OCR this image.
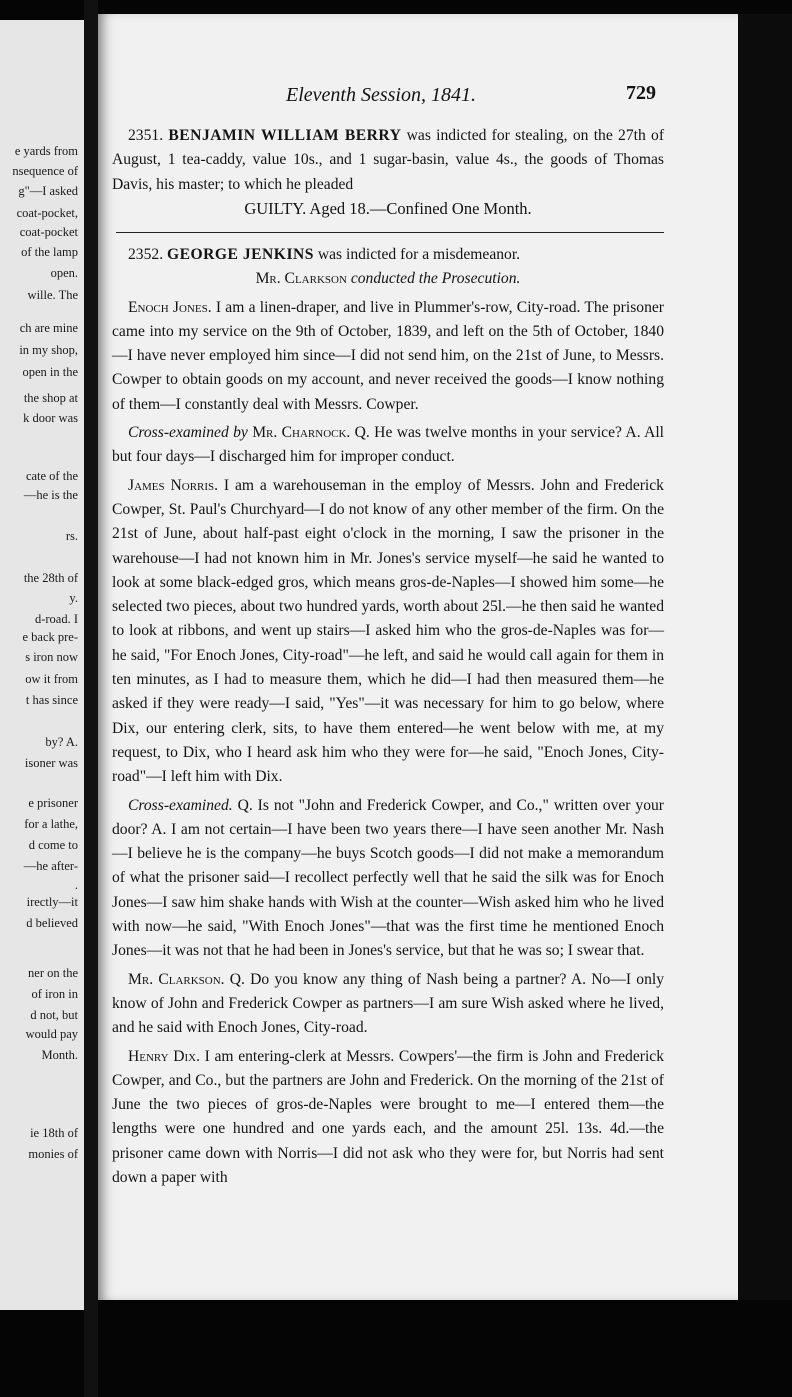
e yards from
nsequence of
g"—I asked
coat-pocket,
coat-pocket
of the lamp
open.
wille. The
ch are mine
in my shop,
open in the
the shop at
k door was
cate of the
—he is the
rs.
the 28th of
y.
d-road. I
e back pre-
s iron now
ow it from
t has since
by? A.
isoner was
e prisoner
for a lathe,
d come to
—he after-
.
irectly—it
d believed
ner on the
of iron in
d not, but
would pay
Month.
ie 18th of
monies of
Eleventh Session, 1841.	729

2351. BENJAMIN WILLIAM BERRY was indicted for stealing, on the 27th of August, 1 tea-caddy, value 10s., and 1 sugar-basin, value 4s., the goods of Thomas Davis, his master; to which he pleaded

GUILTY. Aged 18.—Confined One Month.

2352. GEORGE JENKINS was indicted for a misdemeanor.

Mr. Clarkson conducted the Prosecution.

Enoch Jones. I am a linen-draper, and live in Plummer's-row, City-road. The prisoner came into my service on the 9th of October, 1839, and left on the 5th of October, 1840—I have never employed him since—I did not send him, on the 21st of June, to Messrs. Cowper to obtain goods on my account, and never received the goods—I know nothing of them—I constantly deal with Messrs. Cowper.

Cross-examined by Mr. Charnock. Q. He was twelve months in your service? A. All but four days—I discharged him for improper conduct.

James Norris. I am a warehouseman in the employ of Messrs. John and Frederick Cowper, St. Paul's Churchyard—I do not know of any other member of the firm. On the 21st of June, about half-past eight o'clock in the morning, I saw the prisoner in the warehouse—I had not known him in Mr. Jones's service myself—he said he wanted to look at some black-edged gros, which means gros-de-Naples—I showed him some—he selected two pieces, about two hundred yards, worth about 25l.—he then said he wanted to look at ribbons, and went up stairs—I asked him who the gros-de-Naples was for—he said, "For Enoch Jones, City-road"—he left, and said he would call again for them in ten minutes, as I had to measure them, which he did—I had then measured them—he asked if they were ready—I said, "Yes"—it was necessary for him to go below, where Dix, our entering clerk, sits, to have them entered—he went below with me, at my request, to Dix, who I heard ask him who they were for—he said, "Enoch Jones, City-road"—I left him with Dix.

Cross-examined. Q. Is not "John and Frederick Cowper, and Co.," written over your door? A. I am not certain—I have been two years there—I have seen another Mr. Nash—I believe he is the company—he buys Scotch goods—I did not make a memorandum of what the prisoner said—I recollect perfectly well that he said the silk was for Enoch Jones—I saw him shake hands with Wish at the counter—Wish asked him who he lived with now—he said, "With Enoch Jones"—that was the first time he mentioned Enoch Jones—it was not that he had been in Jones's service, but that he was so; I swear that.

Mr. Clarkson. Q. Do you know any thing of Nash being a partner? A. No—I only know of John and Frederick Cowper as partners—I am sure Wish asked where he lived, and he said with Enoch Jones, City-road.

Henry Dix. I am entering-clerk at Messrs. Cowpers'—the firm is John and Frederick Cowper, and Co., but the partners are John and Frederick. On the morning of the 21st of June the two pieces of gros-de-Naples were brought to me—I entered them—the lengths were one hundred and one yards each, and the amount 25l. 13s. 4d.—the prisoner came down with Norris—I did not ask who they were for, but Norris had sent down a paper with
